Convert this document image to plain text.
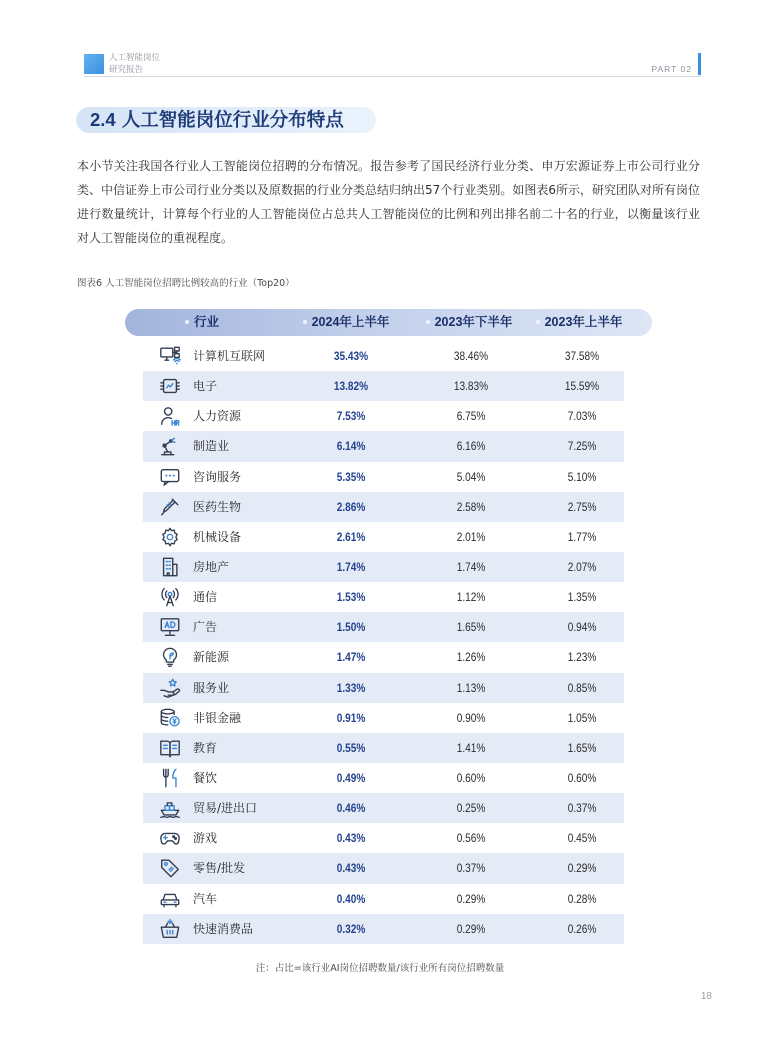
人工智能岗位
研究报告	PART 02
2.4 人工智能岗位行业分布特点
本小节关注我国各行业人工智能岗位招聘的分布情况。报告参考了国民经济行业分类、申万宏源证券上市公司行业分
类、中信证券上市公司行业分类以及原数据的行业分类总结归纳出57个行业类别。如图表6所示，研究团队对所有岗位
进行数量统计，计算每个行业的人工智能岗位占总共人工智能岗位的比例和列出排名前二十名的行业，以衡量该行业
对人工智能岗位的重视程度。
图表6 人工智能岗位招聘比例较高的行业（Top20）
行业	2024年上半年	2023年下半年	2023年上半年
计算机互联网	35.43%	38.46%	37.58%
电子	13.82%	13.83%	15.59%
人力资源	7.53%	6.75%	7.03%
制造业	6.14%	6.16%	7.25%
咨询服务	5.35%	5.04%	5.10%
医药生物	2.86%	2.58%	2.75%
机械设备	2.61%	2.01%	1.77%
房地产	1.74%	1.74%	2.07%
通信	1.53%	1.12%	1.35%
广告	1.50%	1.65%	0.94%
新能源	1.47%	1.26%	1.23%
服务业	1.33%	1.13%	0.85%
非银金融	0.91%	0.90%	1.05%
教育	0.55%	1.41%	1.65%
餐饮	0.49%	0.60%	0.60%
贸易/进出口	0.46%	0.25%	0.37%
游戏	0.43%	0.56%	0.45%
零售/批发	0.43%	0.37%	0.29%
汽车	0.40%	0.29%	0.28%
快速消费品	0.32%	0.29%	0.26%
注：占比=该行业AI岗位招聘数量/该行业所有岗位招聘数量
18
